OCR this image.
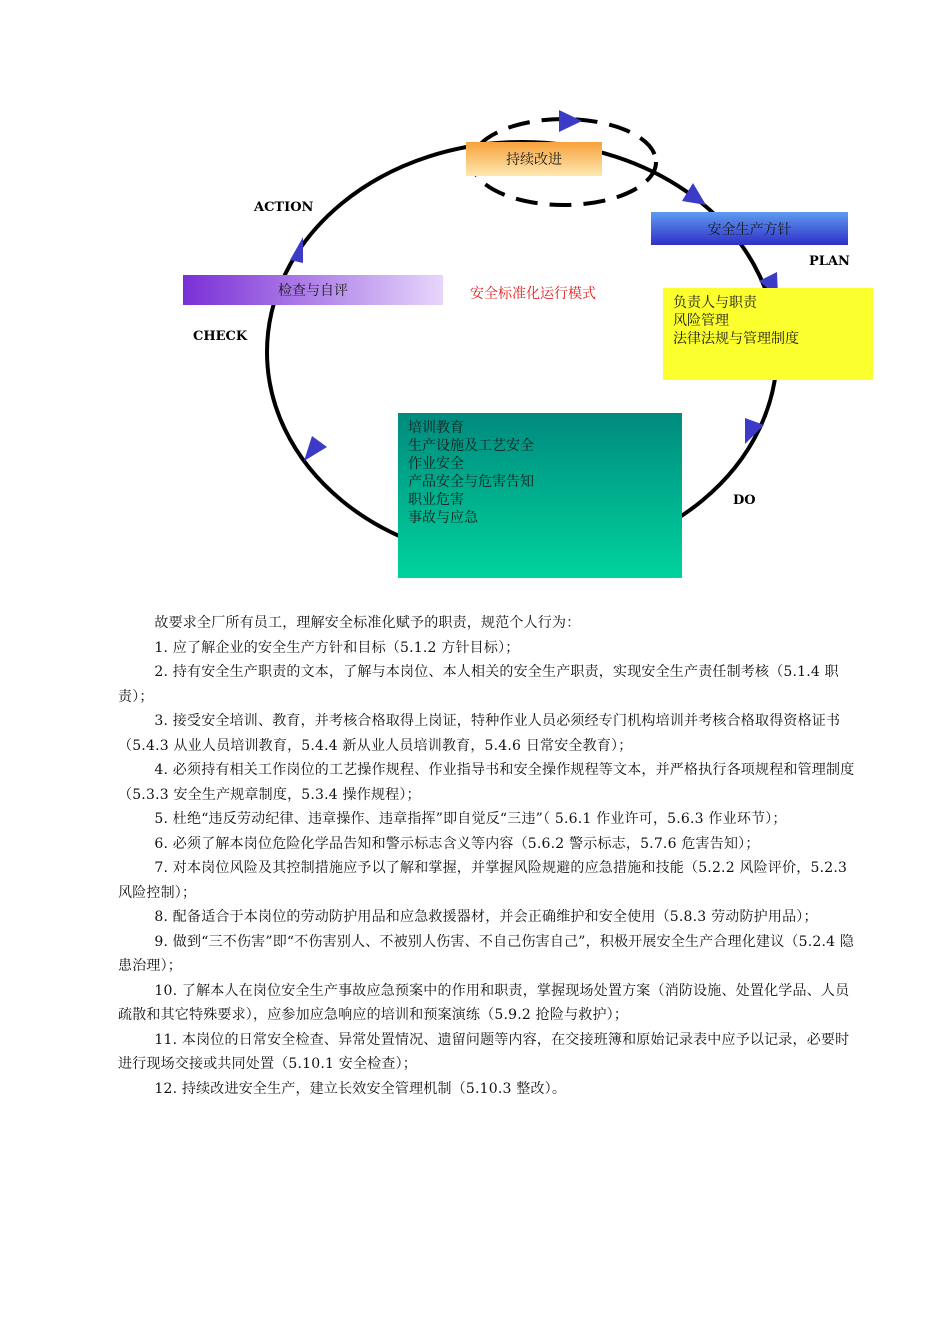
持续改进
安全生产方针
检查与自评
负责人与职责
风险管理
法律法规与管理制度
培训教育
生产设施及工艺安全
作业安全
产品安全与危害告知
职业危害
事故与应急
ACTION
PLAN
CHECK
DO
安全标准化运行模式

故要求全厂所有员工，理解安全标准化赋予的职责，规范个人行为：

1. 应了解企业的安全生产方针和目标（5.1.2 方针目标）；

2. 持有安全生产职责的文本，了解与本岗位、本人相关的安全生产职责，实现安全生产责任制考核（5.1.4 职责）；

3. 接受安全培训、教育，并考核合格取得上岗证，特种作业人员必须经专门机构培训并考核合格取得资格证书（5.4.3 从业人员培训教育，5.4.4 新从业人员培训教育，5.4.6 日常安全教育）；

4. 必须持有相关工作岗位的工艺操作规程、作业指导书和安全操作规程等文本，并严格执行各项规程和管理制度（5.3.3 安全生产规章制度，5.3.4 操作规程）；

5. 杜绝“违反劳动纪律、违章操作、违章指挥”即自觉反“三违”（ 5.6.1 作业许可，5.6.3 作业环节）；

6. 必须了解本岗位危险化学品告知和警示标志含义等内容（5.6.2 警示标志，5.7.6 危害告知）；

7. 对本岗位风险及其控制措施应予以了解和掌握，并掌握风险规避的应急措施和技能（5.2.2 风险评价，5.2.3 风险控制）；

8. 配备适合于本岗位的劳动防护用品和应急救援器材，并会正确维护和安全使用（5.8.3 劳动防护用品）；

9. 做到“三不伤害”即“不伤害别人、不被别人伤害、不自己伤害自己”，积极开展安全生产合理化建议（5.2.4 隐患治理）；

10. 了解本人在岗位安全生产事故应急预案中的作用和职责，掌握现场处置方案（消防设施、处置化学品、人员疏散和其它特殊要求），应参加应急响应的培训和预案演练（5.9.2 抢险与救护）；

11. 本岗位的日常安全检查、异常处置情况、遗留问题等内容，在交接班簿和原始记录表中应予以记录，必要时进行现场交接或共同处置（5.10.1 安全检查）；

12. 持续改进安全生产，建立长效安全管理机制（5.10.3 整改）。
